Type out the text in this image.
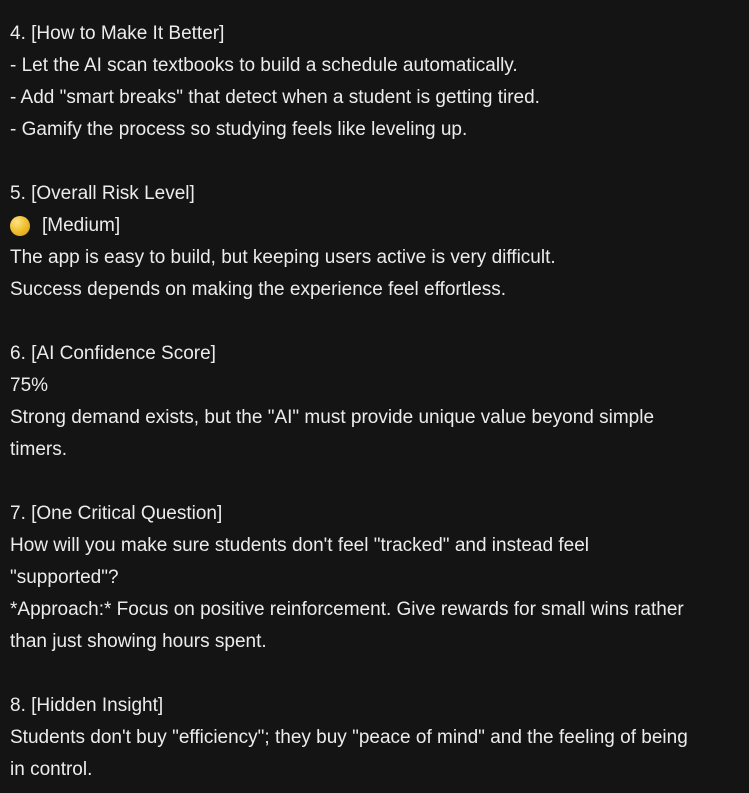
4. [How to Make It Better]
- Let the AI scan textbooks to build a schedule automatically.
- Add "smart breaks" that detect when a student is getting tired.
- Gamify the process so studying feels like leveling up.
5. [Overall Risk Level]
[Medium]
The app is easy to build, but keeping users active is very difficult.
Success depends on making the experience feel effortless.
6. [AI Confidence Score]
75%
Strong demand exists, but the "AI" must provide unique value beyond simple
timers.
7. [One Critical Question]
How will you make sure students don't feel "tracked" and instead feel
"supported"?
*Approach:* Focus on positive reinforcement. Give rewards for small wins rather
than just showing hours spent.
8. [Hidden Insight]
Students don't buy "efficiency"; they buy "peace of mind" and the feeling of being
in control.
